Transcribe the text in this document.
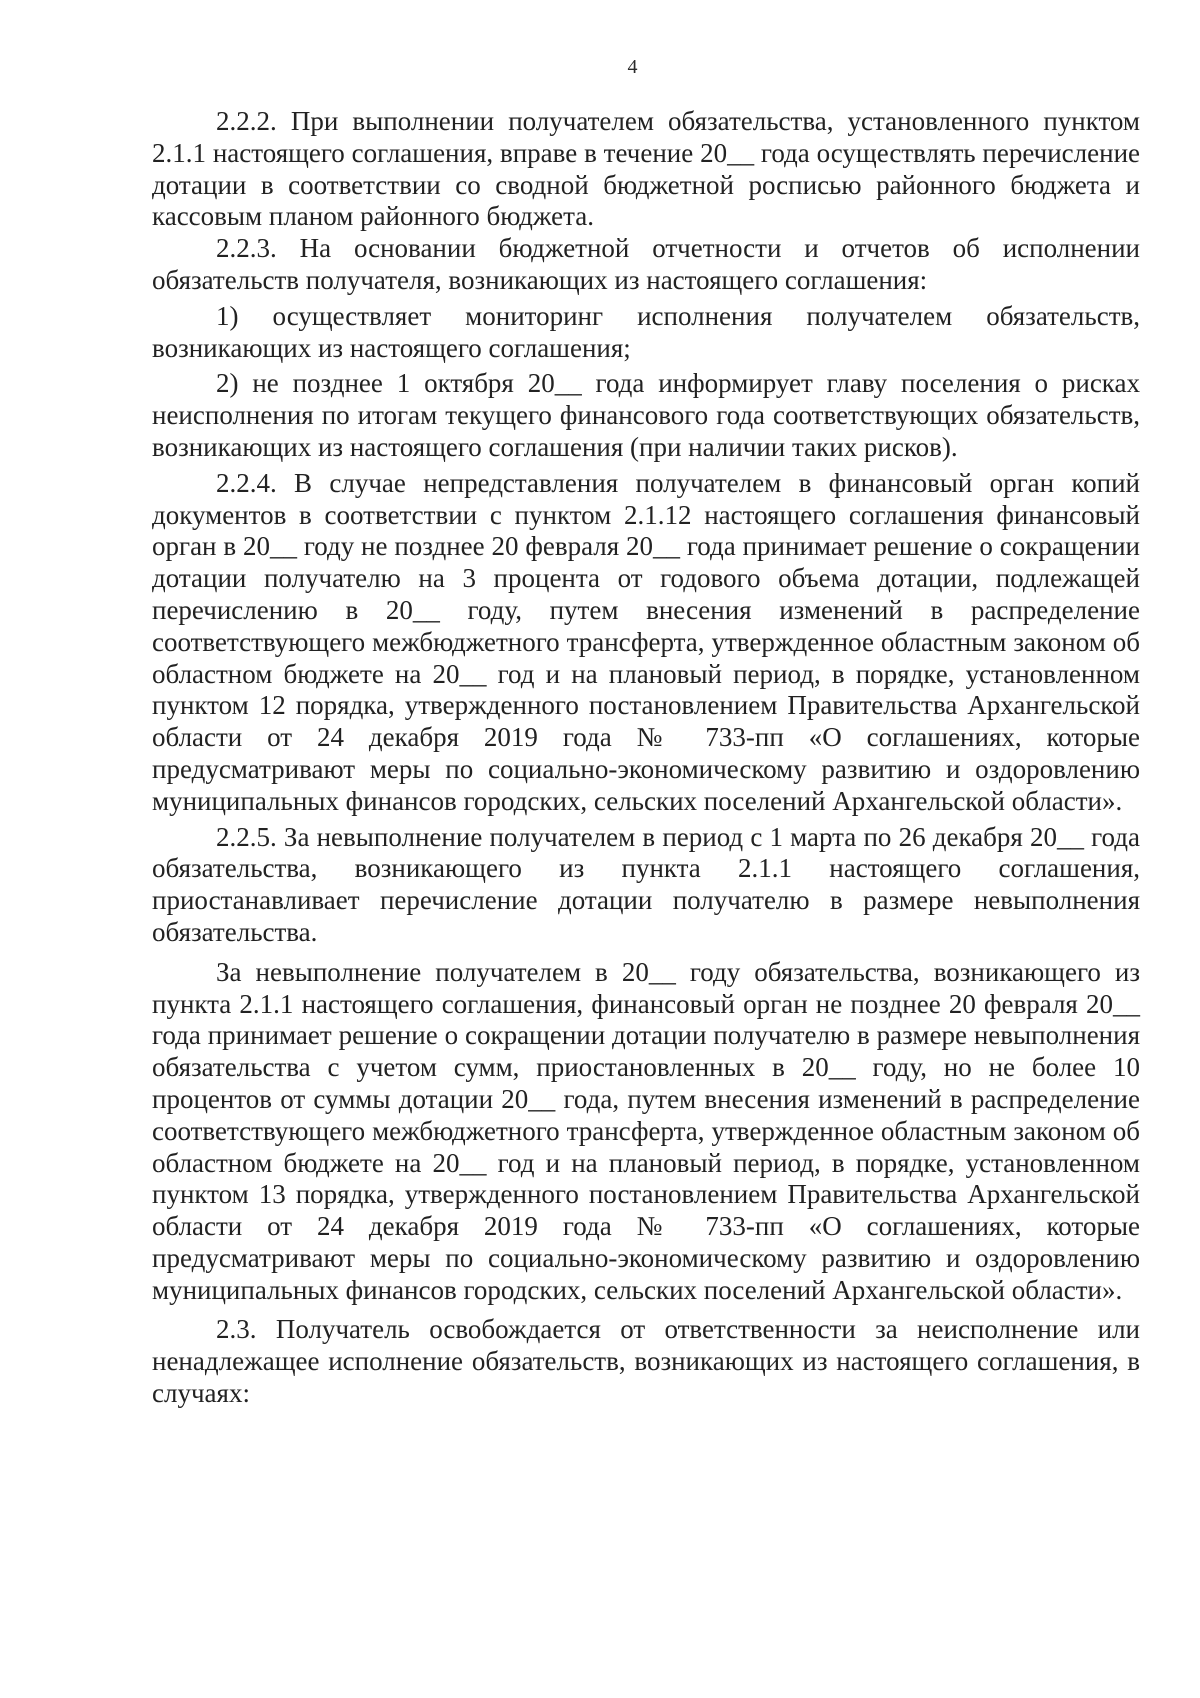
4

2.2.2. При выполнении получателем обязательства, установленного пунктом 2.1.1 настоящего соглашения, вправе в течение 20__ года осуществлять перечисление дотации в соответствии со сводной бюджетной росписью районного бюджета и кассовым планом районного бюджета.

2.2.3. На основании бюджетной отчетности и отчетов об исполнении обязательств получателя, возникающих из настоящего соглашения:

1) осуществляет мониторинг исполнения получателем обязательств, возникающих из настоящего соглашения;

2) не позднее 1 октября 20__ года информирует главу поселения о рисках неисполнения по итогам текущего финансового года соответствующих обязательств, возникающих из настоящего соглашения (при наличии таких рисков).

2.2.4. В случае непредставления получателем в финансовый орган копий документов в соответствии с пунктом 2.1.12 настоящего соглашения финансовый орган в 20__ году не позднее 20 февраля 20__ года принимает решение о сокращении дотации получателю на 3 процента от годового объема дотации, подлежащей перечислению в 20__ году, путем внесения изменений в распределение соответствующего межбюджетного трансферта, утвержденное областным законом об областном бюджете на 20__ год и на плановый период, в порядке, установленном пунктом 12 порядка, утвержденного постановлением Правительства Архангельской области от 24 декабря 2019 года № 733-пп «О соглашениях, которые предусматривают меры по социально-экономическому развитию и оздоровлению муниципальных финансов городских, сельских поселений Архангельской области».

2.2.5. За невыполнение получателем в период с 1 марта по 26 декабря 20__ года обязательства, возникающего из пункта 2.1.1 настоящего соглашения, приостанавливает перечисление дотации получателю в размере невыполнения обязательства.

За невыполнение получателем в 20__ году обязательства, возникающего из пункта 2.1.1 настоящего соглашения, финансовый орган не позднее 20 февраля 20__ года принимает решение о сокращении дотации получателю в размере невыполнения обязательства с учетом сумм, приостановленных в 20__ году, но не более 10 процентов от суммы дотации 20__ года, путем внесения изменений в распределение соответствующего межбюджетного трансферта, утвержденное областным законом об областном бюджете на 20__ год и на плановый период, в порядке, установленном пунктом 13 порядка, утвержденного постановлением Правительства Архангельской области от 24 декабря 2019 года № 733-пп «О соглашениях, которые предусматривают меры по социально-экономическому развитию и оздоровлению муниципальных финансов городских, сельских поселений Архангельской области».

2.3. Получатель освобождается от ответственности за неисполнение или ненадлежащее исполнение обязательств, возникающих из настоящего соглашения, в случаях:
